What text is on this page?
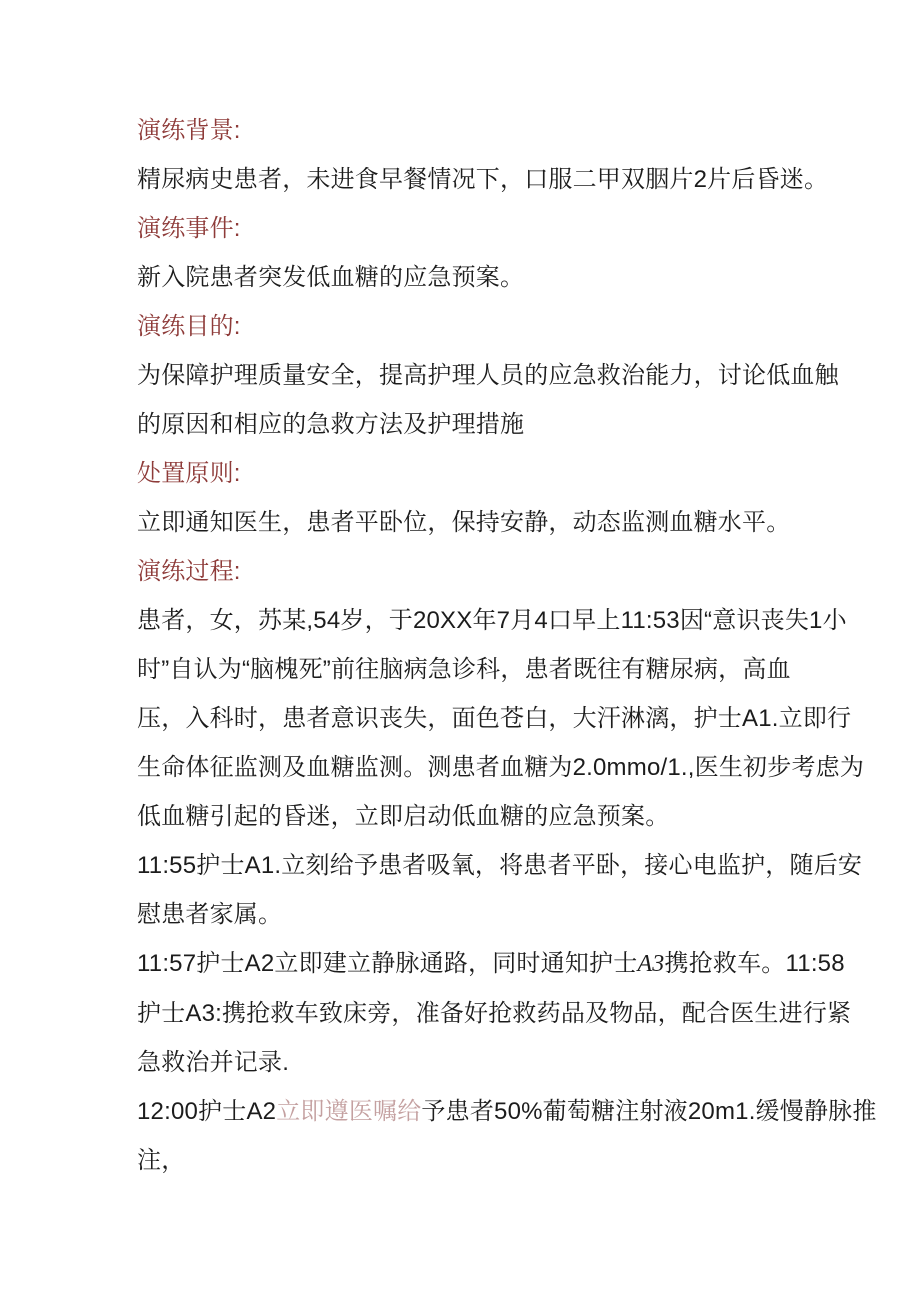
演练背景:

精尿病史患者，未进食早餐情况下，口服二甲双胭片2片后昏迷。

演练事件:

新入院患者突发低血糖的应急预案。

演练目的:

为保障护理质量安全，提高护理人员的应急救治能力，讨论低血触

的原因和相应的急救方法及护理措施

处置原则:

立即通知医生，患者平卧位，保持安静，动态监测血糖水平。

演练过程:

患者，女，苏某,54岁，于20XX年7月4口早上11:53因“意识丧失1小

时”自认为“脑槐死”前往脑病急诊科，患者既往有糖尿病，高血

压，入科时，患者意识丧失，面色苍白，大汗淋漓，护士A1.立即行

生命体征监测及血糖监测。测患者血糖为2.0mmo/1.,医生初步考虑为

低血糖引起的昏迷，立即启动低血糖的应急预案。

11:55护士A1.立刻给予患者吸氧，将患者平卧，接心电监护，随后安

慰患者家属。

11:57护士A2立即建立静脉通路，同时通知护士A3携抢救车。11:58

护士A3:携抢救车致床旁，准备好抢救药品及物品，配合医生进行紧

急救治并记录.

12:00护士A2立即遵医嘱给予患者50%葡萄糖注射液20m1.缓慢静脉推

注，
